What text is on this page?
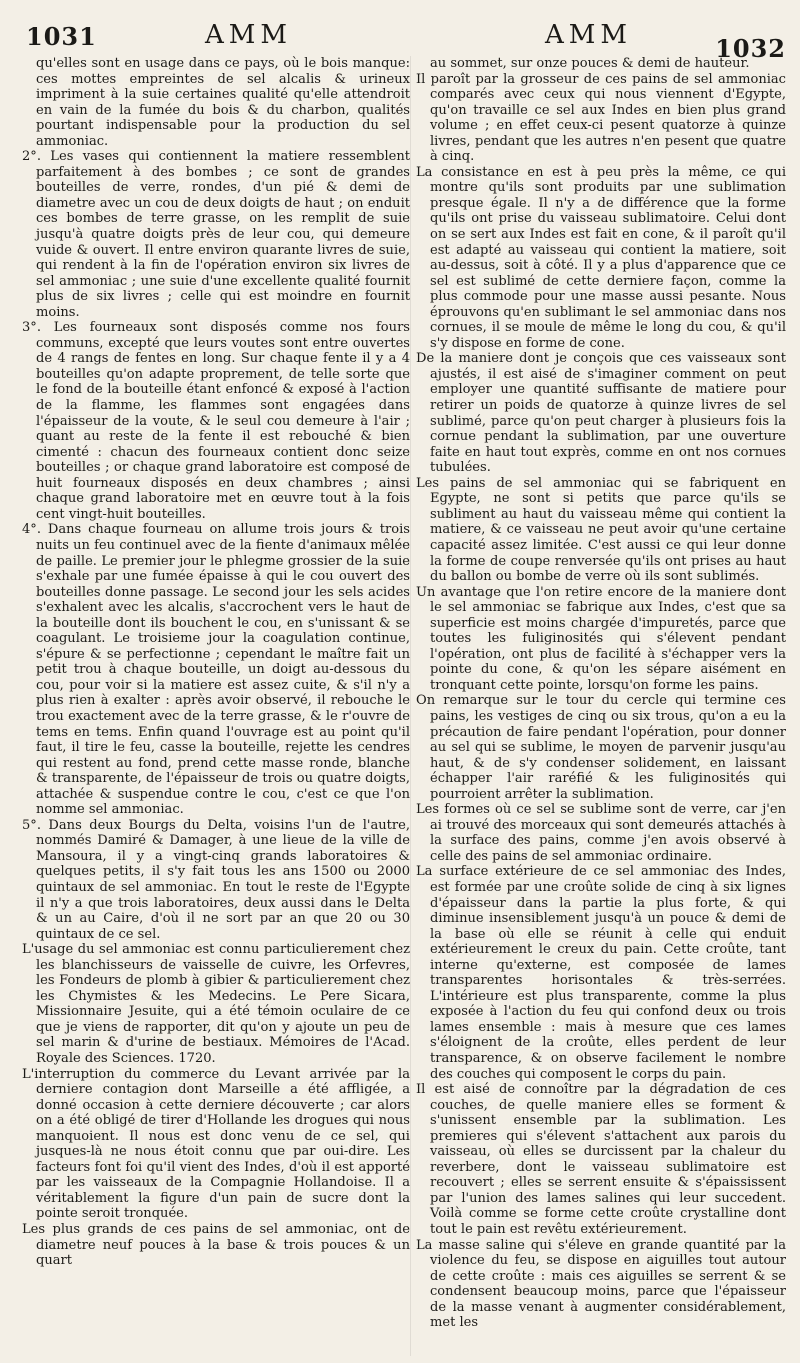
1031	AMM	AMM	1032

qu'elles sont en usage dans ce pays, où le bois manque: ces mottes empreintes de sel alcalis & urineux impriment à la suie certaines qualité qu'elle attendroit en vain de la fumée du bois & du charbon, qualités pourtant indispensable pour la production du sel ammoniac.

2°. Les vases qui contiennent la matiere ressemblent parfaitement à des bombes ; ce sont de grandes bouteilles de verre, rondes, d'un pié & demi de diametre avec un cou de deux doigts de haut ; on enduit ces bombes de terre grasse, on les remplit de suie jusqu'à quatre doigts près de leur cou, qui demeure vuide & ouvert. Il entre environ quarante livres de suie, qui rendent à la fin de l'opération environ six livres de sel ammoniac ; une suie d'une excellente qualité fournit plus de six livres ; celle qui est moindre en fournit moins.

3°. Les fourneaux sont disposés comme nos fours communs, excepté que leurs voutes sont entre ouvertes de 4 rangs de fentes en long. Sur chaque fente il y a 4 bouteilles qu'on adapte proprement, de telle sorte que le fond de la bouteille étant enfoncé & exposé à l'action de la flamme, les flammes sont engagées dans l'épaisseur de la voute, & le seul cou demeure à l'air ; quant au reste de la fente il est rebouché & bien cimenté : chacun des fourneaux contient donc seize bouteilles ; or chaque grand laboratoire est composé de huit fourneaux disposés en deux chambres ; ainsi chaque grand laboratoire met en œuvre tout à la fois cent vingt-huit bouteilles.

4°. Dans chaque fourneau on allume trois jours & trois nuits un feu continuel avec de la fiente d'animaux mêlée de paille. Le premier jour le phlegme grossier de la suie s'exhale par une fumée épaisse à qui le cou ouvert des bouteilles donne passage. Le second jour les sels acides s'exhalent avec les alcalis, s'accrochent vers le haut de la bouteille dont ils bouchent le cou, en s'unissant & se coagulant. Le troisieme jour la coagulation continue, s'épure & se perfectionne ; cependant le maître fait un petit trou à chaque bouteille, un doigt au-dessous du cou, pour voir si la matiere est assez cuite, & s'il n'y a plus rien à exalter : après avoir observé, il rebouche le trou exactement avec de la terre grasse, & le r'ouvre de tems en tems. Enfin quand l'ouvrage est au point qu'il faut, il tire le feu, casse la bouteille, rejette les cendres qui restent au fond, prend cette masse ronde, blanche & transparente, de l'épaisseur de trois ou quatre doigts, attachée & suspendue contre le cou, c'est ce que l'on nomme sel ammoniac.

5°. Dans deux Bourgs du Delta, voisins l'un de l'autre, nommés Damiré & Damager, à une lieue de la ville de Mansoura, il y a vingt-cinq grands laboratoires & quelques petits, il s'y fait tous les ans 1500 ou 2000 quintaux de sel ammoniac. En tout le reste de l'Egypte il n'y a que trois laboratoires, deux aussi dans le Delta & un au Caire, d'où il ne sort par an que 20 ou 30 quintaux de ce sel.

L'usage du sel ammoniac est connu particulierement chez les blanchisseurs de vaisselle de cuivre, les Orfevres, les Fondeurs de plomb à gibier & particulierement chez les Chymistes & les Medecins. Le Pere Sicara, Missionnaire Jesuite, qui a été témoin oculaire de ce que je viens de rapporter, dit qu'on y ajoute un peu de sel marin & d'urine de bestiaux. Mémoires de l'Acad. Royale des Sciences. 1720.

L'interruption du commerce du Levant arrivée par la derniere contagion dont Marseille a été affligée, a donné occasion à cette derniere découverte ; car alors on a été obligé de tirer d'Hollande les drogues qui nous manquoient. Il nous est donc venu de ce sel, qui jusques-là ne nous étoit connu que par oui-dire. Les facteurs font foi qu'il vient des Indes, d'où il est apporté par les vaisseaux de la Compagnie Hollandoise. Il a véritablement la figure d'un pain de sucre dont la pointe seroit tronquée.

Les plus grands de ces pains de sel ammoniac, ont de diametre neuf pouces à la base & trois pouces & un quart

au sommet, sur onze pouces & demi de hauteur.

Il paroît par la grosseur de ces pains de sel ammoniac comparés avec ceux qui nous viennent d'Egypte, qu'on travaille ce sel aux Indes en bien plus grand volume ; en effet ceux-ci pesent quatorze à quinze livres, pendant que les autres n'en pesent que quatre à cinq.

La consistance en est à peu près la même, ce qui montre qu'ils sont produits par une sublimation presque égale. Il n'y a de différence que la forme qu'ils ont prise du vaisseau sublimatoire. Celui dont on se sert aux Indes est fait en cone, & il paroît qu'il est adapté au vaisseau qui contient la matiere, soit au-dessus, soit à côté. Il y a plus d'apparence que ce sel est sublimé de cette derniere façon, comme la plus commode pour une masse aussi pesante. Nous éprouvons qu'en sublimant le sel ammoniac dans nos cornues, il se moule de même le long du cou, & qu'il s'y dispose en forme de cone.

De la maniere dont je conçois que ces vaisseaux sont ajustés, il est aisé de s'imaginer comment on peut employer une quantité suffisante de matiere pour retirer un poids de quatorze à quinze livres de sel sublimé, parce qu'on peut charger à plusieurs fois la cornue pendant la sublimation, par une ouverture faite en haut tout exprès, comme en ont nos cornues tubulées.

Les pains de sel ammoniac qui se fabriquent en Egypte, ne sont si petits que parce qu'ils se subliment au haut du vaisseau même qui contient la matiere, & ce vaisseau ne peut avoir qu'une certaine capacité assez limitée. C'est aussi ce qui leur donne la forme de coupe renversée qu'ils ont prises au haut du ballon ou bombe de verre où ils sont sublimés.

Un avantage que l'on retire encore de la maniere dont le sel ammoniac se fabrique aux Indes, c'est que sa superficie est moins chargée d'impuretés, parce que toutes les fuliginosités qui s'élevent pendant l'opération, ont plus de facilité à s'échapper vers la pointe du cone, & qu'on les sépare aisément en tronquant cette pointe, lorsqu'on forme les pains.

On remarque sur le tour du cercle qui termine ces pains, les vestiges de cinq ou six trous, qu'on a eu la précaution de faire pendant l'opération, pour donner au sel qui se sublime, le moyen de parvenir jusqu'au haut, & de s'y condenser solidement, en laissant échapper l'air raréfié & les fuliginosités qui pourroient arrêter la sublimation.

Les formes où ce sel se sublime sont de verre, car j'en ai trouvé des morceaux qui sont demeurés attachés à la surface des pains, comme j'en avois observé à celle des pains de sel ammoniac ordinaire.

La surface extérieure de ce sel ammoniac des Indes, est formée par une croûte solide de cinq à six lignes d'épaisseur dans la partie la plus forte, & qui diminue insensiblement jusqu'à un pouce & demi de la base où elle se réunit à celle qui enduit extérieurement le creux du pain. Cette croûte, tant interne qu'externe, est composée de lames transparentes horisontales & très-serrées. L'intérieure est plus transparente, comme la plus exposée à l'action du feu qui confond deux ou trois lames ensemble : mais à mesure que ces lames s'éloignent de la croûte, elles perdent de leur transparence, & on observe facilement le nombre des couches qui composent le corps du pain.

Il est aisé de connoître par la dégradation de ces couches, de quelle maniere elles se forment & s'unissent ensemble par la sublimation. Les premieres qui s'élevent s'attachent aux parois du vaisseau, où elles se durcissent par la chaleur du reverbere, dont le vaisseau sublimatoire est recouvert ; elles se serrent ensuite & s'épaississent par l'union des lames salines qui leur succedent. Voilà comme se forme cette croûte crystalline dont tout le pain est revêtu extérieurement.

La masse saline qui s'éleve en grande quantité par la violence du feu, se dispose en aiguilles tout autour de cette croûte : mais ces aiguilles se serrent & se condensent beaucoup moins, parce que l'épaisseur de la masse venant à augmenter considérablement, met les
